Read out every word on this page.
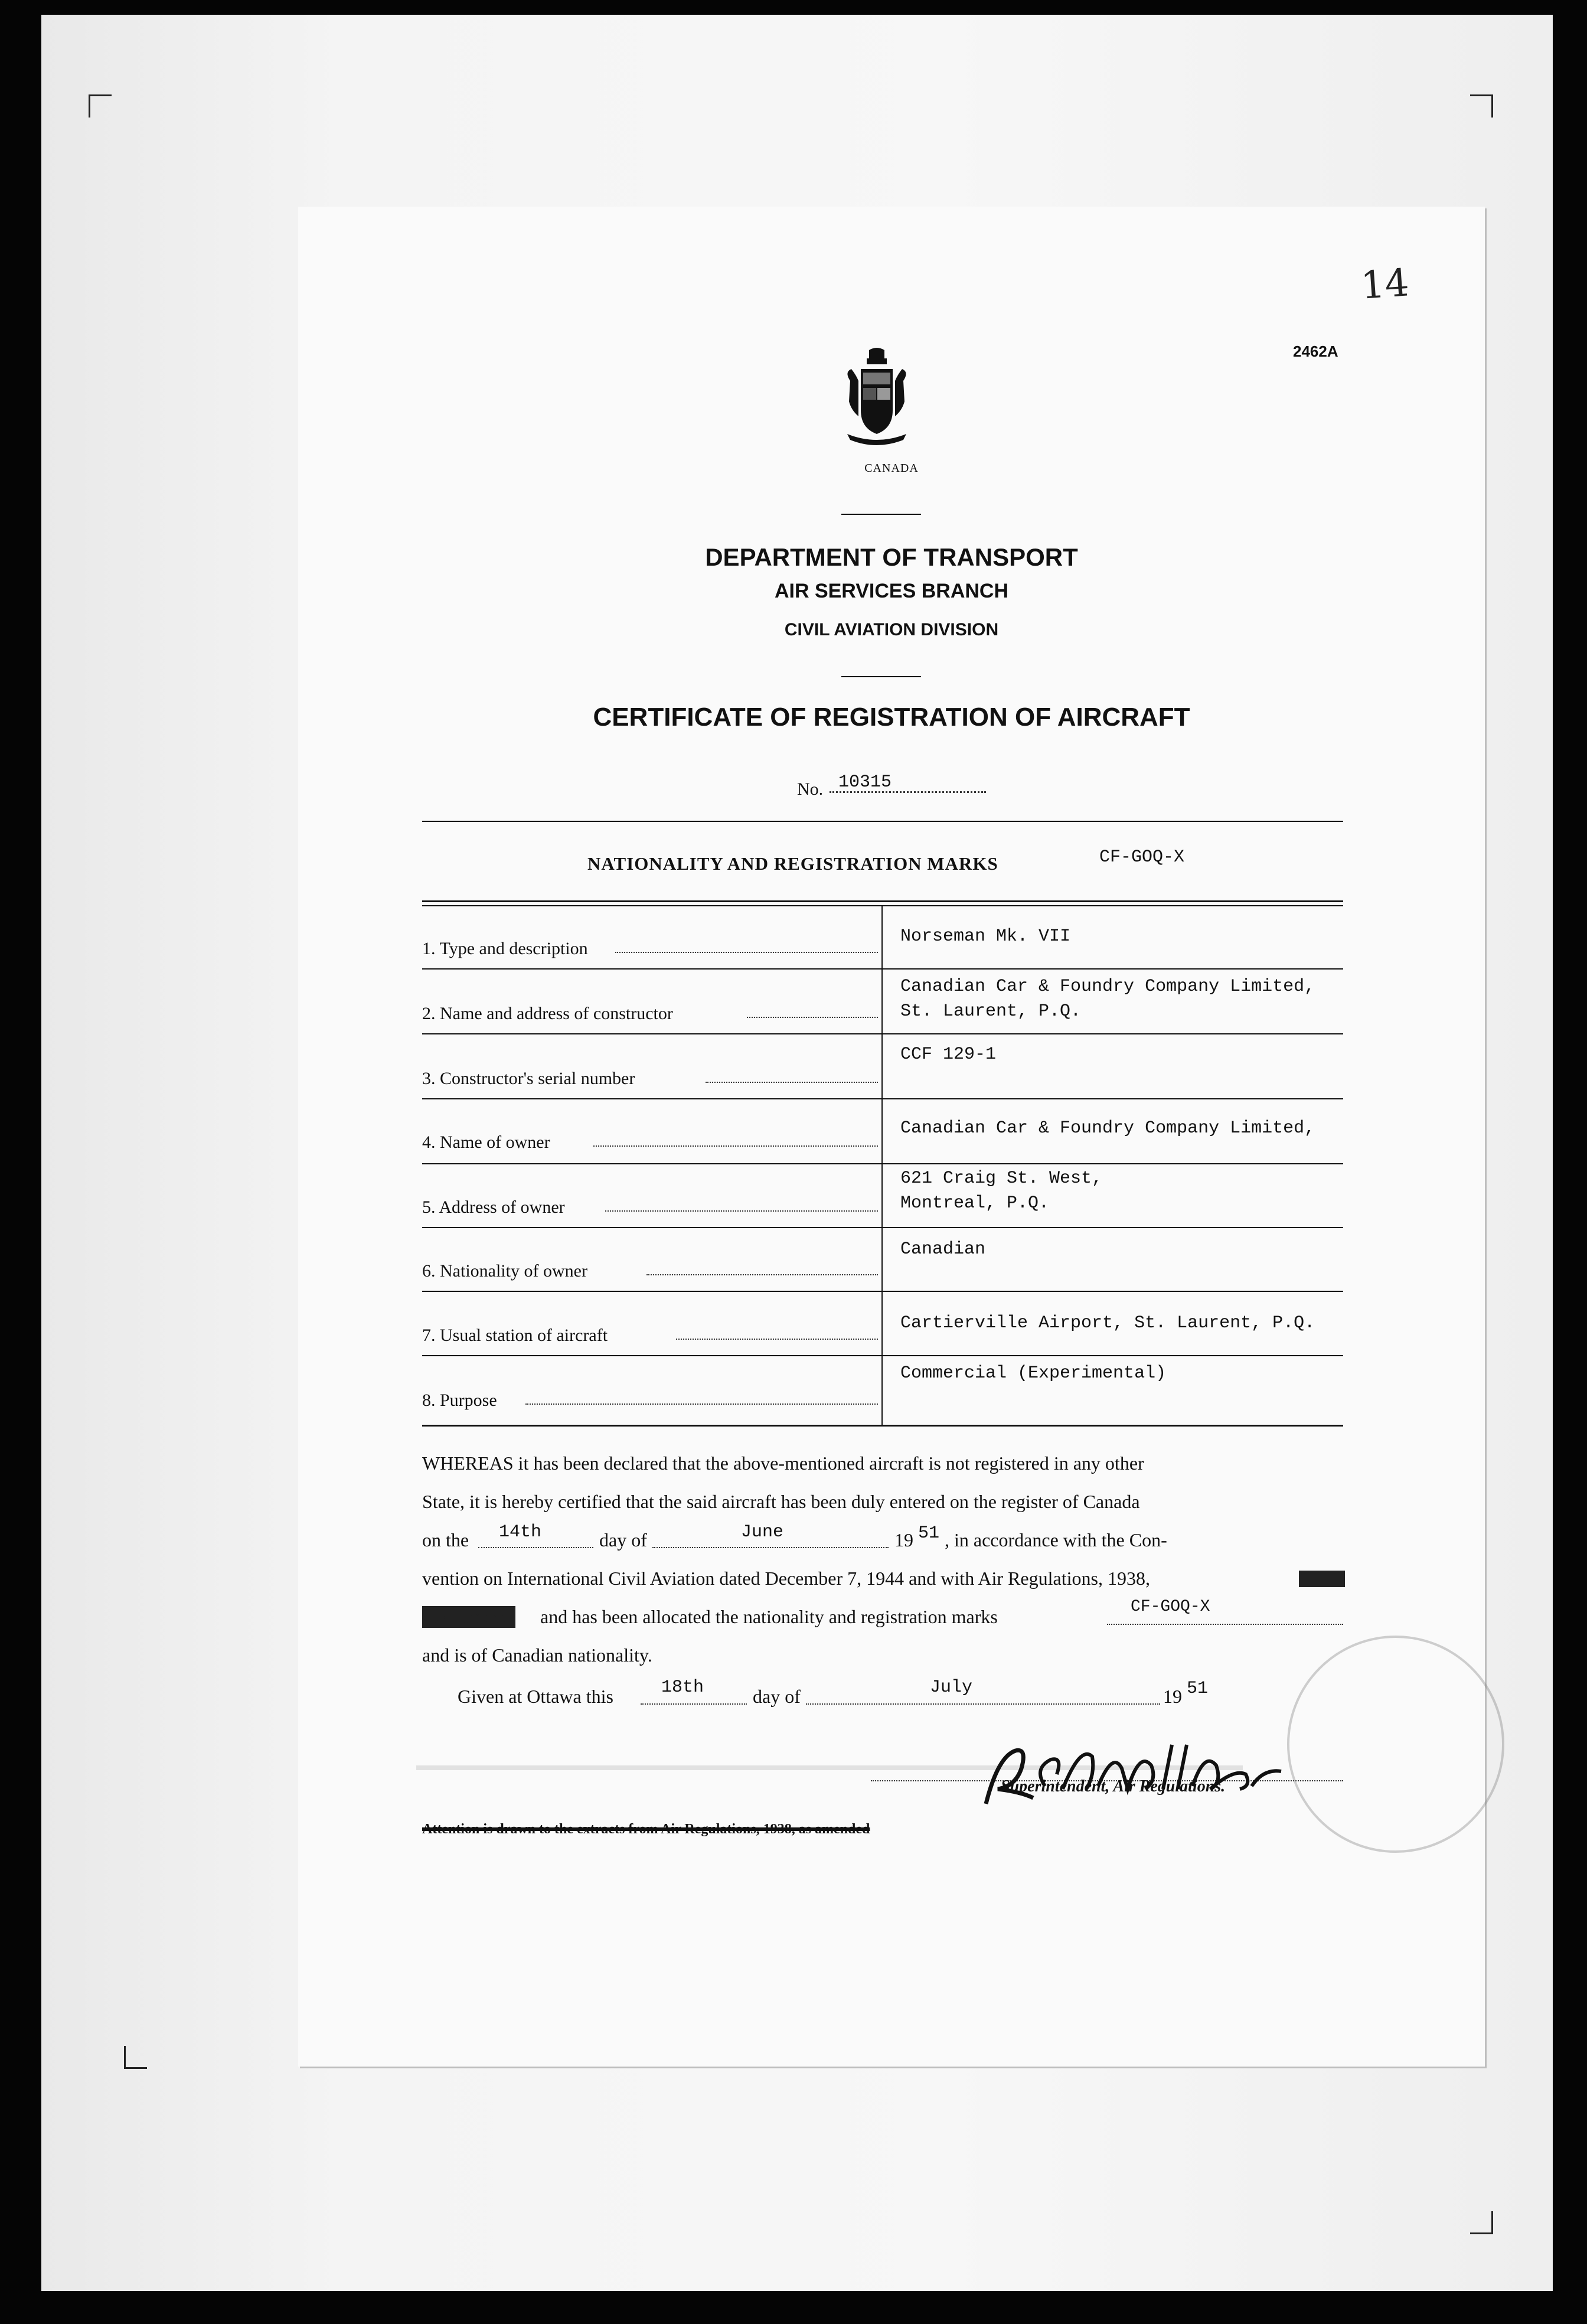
14
2462A
CANADA
DEPARTMENT OF TRANSPORT
AIR SERVICES BRANCH
CIVIL AVIATION DIVISION
CERTIFICATE OF REGISTRATION OF AIRCRAFT
No. 10315
NATIONALITY AND REGISTRATION MARKS	CF-GOQ-X
1. Type and description
Norseman Mk. VII
2. Name and address of constructor
Canadian Car & Foundry Company Limited,
St. Laurent, P.Q.
3. Constructor's serial number
CCF 129-1
4. Name of owner
Canadian Car & Foundry Company Limited,
5. Address of owner
621 Craig St. West,
Montreal, P.Q.
6. Nationality of owner
Canadian
7. Usual station of aircraft
Cartierville Airport, St. Laurent, P.Q.
8. Purpose
Commercial (Experimental)
WHEREAS it has been declared that the above-mentioned aircraft is not registered in any other
State, it is hereby certified that the said aircraft has been duly entered on the register of Canada
on the 14th	day of	June	19 51 , in accordance with the Con-
vention on International Civil Aviation dated December 7, 1944 and with Air Regulations, 1938,
as amended, and has been allocated the nationality and registration marks	CF-GOQ-X
and is of Canadian nationality.
Given at Ottawa this	18th	day of	July	19 51
Superintendent, Air Regulations.
Attention is drawn to the extracts from Air Regulations, 1938, as amended
